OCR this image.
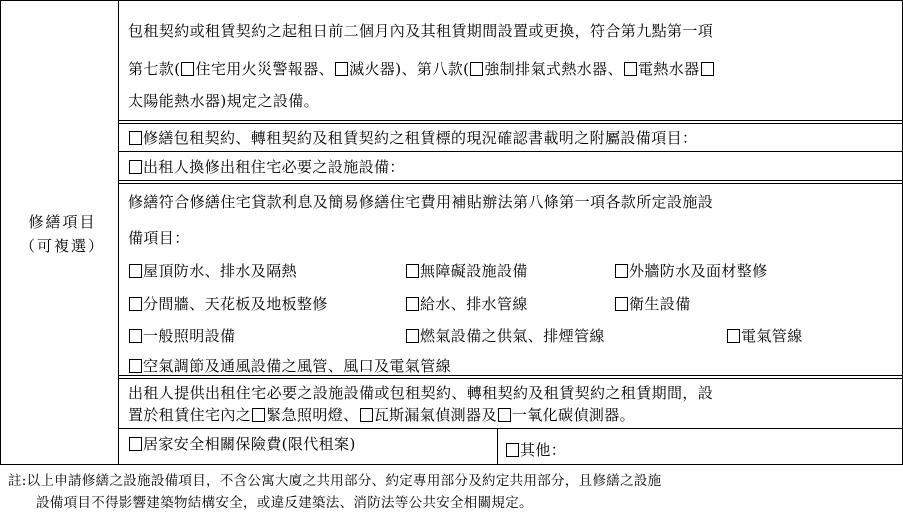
修繕項目
（可複選）
包租契約或租賃契約之起租日前二個月內及其租賃期間設置或更換，符合第九點第一項
第七款( 住宅用火災警報器、 滅火器)、第八款( 強制排氣式熱水器、 電熱水器
太陽能熱水器)規定之設備。
修繕包租契約、轉租契約及租賃契約之租賃標的現況確認書載明之附屬設備項目：
出租人換修出租住宅必要之設施設備：
修繕符合修繕住宅貸款利息及簡易修繕住宅費用補貼辦法第八條第一項各款所定設施設
備項目：
屋頂防水、排水及隔熱	無障礙設施設備	外牆防水及面材整修
分間牆、天花板及地板整修	給水、排水管線	衛生設備
一般照明設備	燃氣設備之供氣、排煙管線	電氣管線
空氣調節及通風設備之風管、風口及電氣管線
出租人提供出租住宅必要之設施設備或包租契約、轉租契約及租賃契約之租賃期間，設
置於租賃住宅內之 緊急照明燈、 瓦斯漏氣偵測器及 一氧化碳偵測器。
居家安全相關保險費(限代租案)	其他：
註:以上申請修繕之設施設備項目，不含公寓大廈之共用部分、約定專用部分及約定共用部分，且修繕之設施
設備項目不得影響建築物結構安全，或違反建築法、消防法等公共安全相關規定。
